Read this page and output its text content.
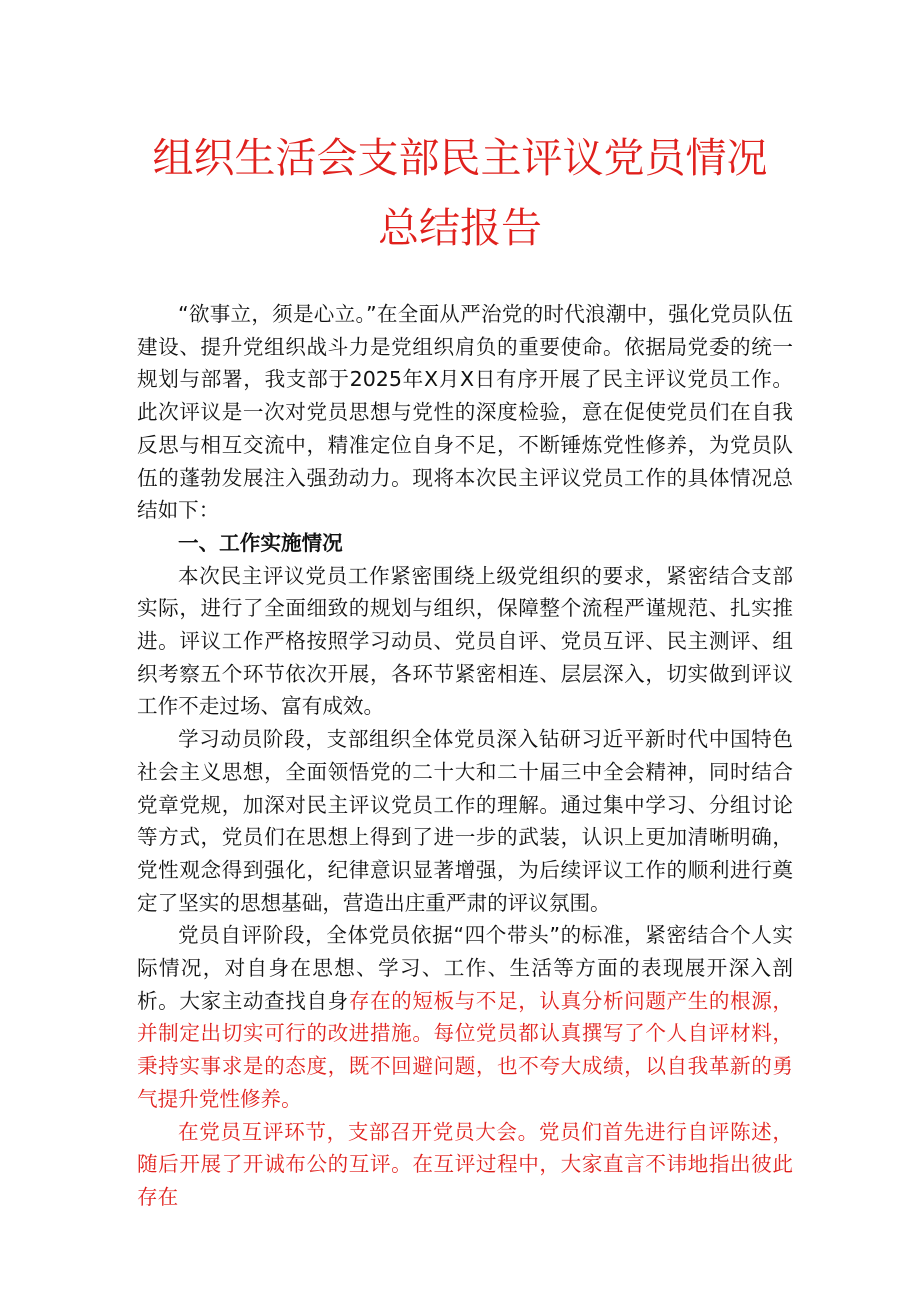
组织生活会支部民主评议党员情况
总结报告

“欲事立，须是心立。”在全面从严治党的时代浪潮中，强化党员队伍建设、提升党组织战斗力是党组织肩负的重要使命。依据局党委的统一规划与部署，我支部于2025年X月X日有序开展了民主评议党员工作。此次评议是一次对党员思想与党性的深度检验，意在促使党员们在自我反思与相互交流中，精准定位自身不足，不断锤炼党性修养，为党员队伍的蓬勃发展注入强劲动力。现将本次民主评议党员工作的具体情况总结如下：

一、工作实施情况

本次民主评议党员工作紧密围绕上级党组织的要求，紧密结合支部实际，进行了全面细致的规划与组织，保障整个流程严谨规范、扎实推进。评议工作严格按照学习动员、党员自评、党员互评、民主测评、组织考察五个环节依次开展，各环节紧密相连、层层深入，切实做到评议工作不走过场、富有成效。

学习动员阶段，支部组织全体党员深入钻研习近平新时代中国特色社会主义思想，全面领悟党的二十大和二十届三中全会精神，同时结合党章党规，加深对民主评议党员工作的理解。通过集中学习、分组讨论等方式，党员们在思想上得到了进一步的武装，认识上更加清晰明确，党性观念得到强化，纪律意识显著增强，为后续评议工作的顺利进行奠定了坚实的思想基础，营造出庄重严肃的评议氛围。

党员自评阶段，全体党员依据“四个带头”的标准，紧密结合个人实际情况，对自身在思想、学习、工作、生活等方面的表现展开深入剖析。大家主动查找自身存在的短板与不足，认真分析问题产生的根源，并制定出切实可行的改进措施。每位党员都认真撰写了个人自评材料，秉持实事求是的态度，既不回避问题，也不夸大成绩，以自我革新的勇气提升党性修养。

在党员互评环节，支部召开党员大会。党员们首先进行自评陈述，随后开展了开诚布公的互评。在互评过程中，大家直言不讳地指出彼此存在
